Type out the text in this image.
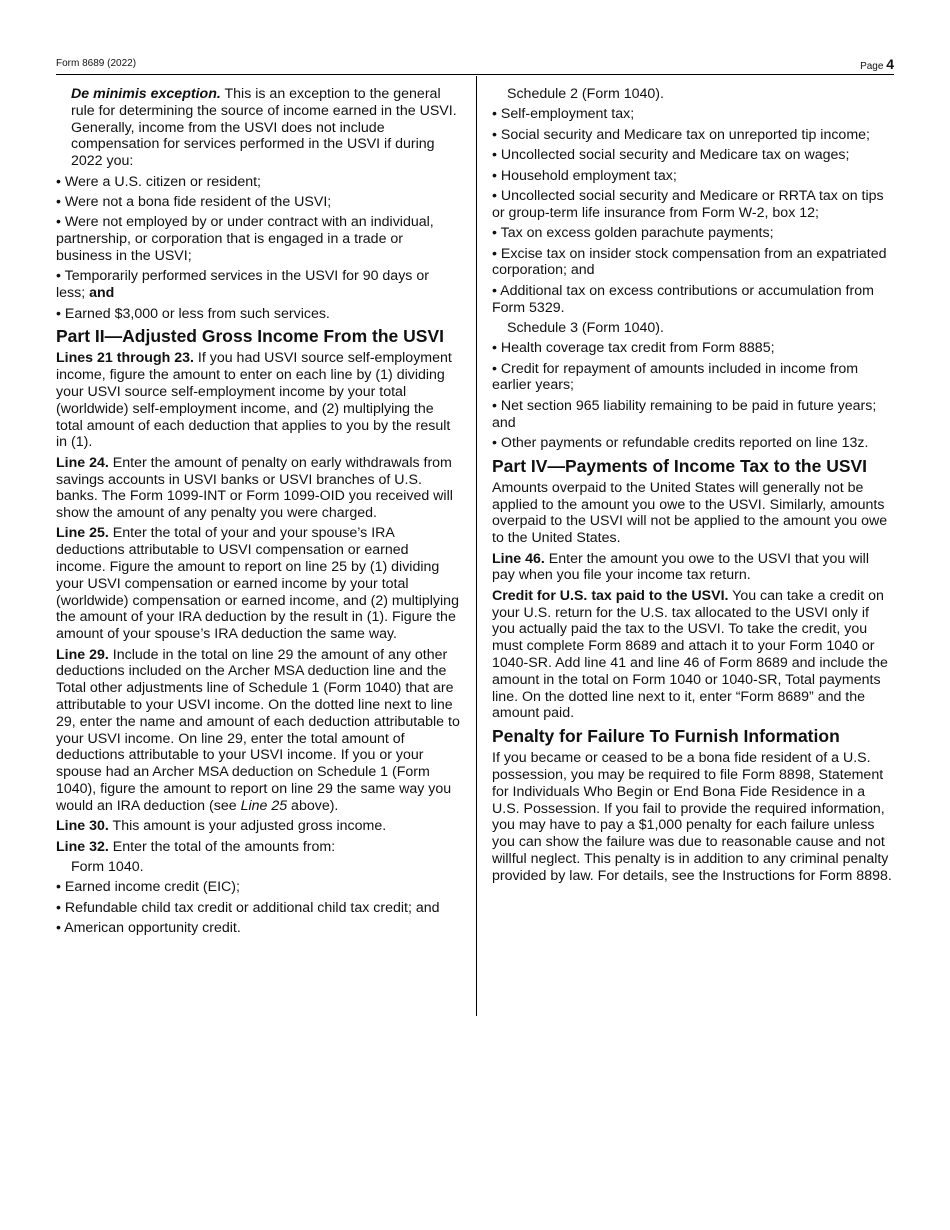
Form 8689 (2022)	Page 4

De minimis exception. This is an exception to the general rule for determining the source of income earned in the USVI. Generally, income from the USVI does not include compensation for services performed in the USVI if during 2022 you:

• Were a U.S. citizen or resident;

• Were not a bona fide resident of the USVI;

• Were not employed by or under contract with an individual, partnership, or corporation that is engaged in a trade or business in the USVI;

• Temporarily performed services in the USVI for 90 days or less; and

• Earned $3,000 or less from such services.

Part II—Adjusted Gross Income From the USVI

Lines 21 through 23. If you had USVI source self-employment income, figure the amount to enter on each line by (1) dividing your USVI source self-employment income by your total (worldwide) self-employment income, and (2) multiplying the total amount of each deduction that applies to you by the result in (1).

Line 24. Enter the amount of penalty on early withdrawals from savings accounts in USVI banks or USVI branches of U.S. banks. The Form 1099-INT or Form 1099-OID you received will show the amount of any penalty you were charged.

Line 25. Enter the total of your and your spouse’s IRA deductions attributable to USVI compensation or earned income. Figure the amount to report on line 25 by (1) dividing your USVI compensation or earned income by your total (worldwide) compensation or earned income, and (2) multiplying the amount of your IRA deduction by the result in (1). Figure the amount of your spouse’s IRA deduction the same way.

Line 29. Include in the total on line 29 the amount of any other deductions included on the Archer MSA deduction line and the Total other adjustments line of Schedule 1 (Form 1040) that are attributable to your USVI income. On the dotted line next to line 29, enter the name and amount of each deduction attributable to your USVI income. On line 29, enter the total amount of deductions attributable to your USVI income. If you or your spouse had an Archer MSA deduction on Schedule 1 (Form 1040), figure the amount to report on line 29 the same way you would an IRA deduction (see Line 25 above).

Line 30. This amount is your adjusted gross income.

Line 32. Enter the total of the amounts from:

Form 1040.

• Earned income credit (EIC);

• Refundable child tax credit or additional child tax credit; and

• American opportunity credit.

Schedule 2 (Form 1040).

• Self-employment tax;

• Social security and Medicare tax on unreported tip income;

• Uncollected social security and Medicare tax on wages;

• Household employment tax;

• Uncollected social security and Medicare or RRTA tax on tips or group-term life insurance from Form W-2, box 12;

• Tax on excess golden parachute payments;

• Excise tax on insider stock compensation from an expatriated corporation; and

• Additional tax on excess contributions or accumulation from Form 5329.

Schedule 3 (Form 1040).

• Health coverage tax credit from Form 8885;

• Credit for repayment of amounts included in income from earlier years;

• Net section 965 liability remaining to be paid in future years; and

• Other payments or refundable credits reported on line 13z.

Part IV—Payments of Income Tax to the USVI

Amounts overpaid to the United States will generally not be applied to the amount you owe to the USVI. Similarly, amounts overpaid to the USVI will not be applied to the amount you owe to the United States.

Line 46. Enter the amount you owe to the USVI that you will pay when you file your income tax return.

Credit for U.S. tax paid to the USVI. You can take a credit on your U.S. return for the U.S. tax allocated to the USVI only if you actually paid the tax to the USVI. To take the credit, you must complete Form 8689 and attach it to your Form 1040 or 1040-SR. Add line 41 and line 46 of Form 8689 and include the amount in the total on Form 1040 or 1040-SR, Total payments line. On the dotted line next to it, enter “Form 8689” and the amount paid.

Penalty for Failure To Furnish Information

If you became or ceased to be a bona fide resident of a U.S. possession, you may be required to file Form 8898, Statement for Individuals Who Begin or End Bona Fide Residence in a U.S. Possession. If you fail to provide the required information, you may have to pay a $1,000 penalty for each failure unless you can show the failure was due to reasonable cause and not willful neglect. This penalty is in addition to any criminal penalty provided by law. For details, see the Instructions for Form 8898.
